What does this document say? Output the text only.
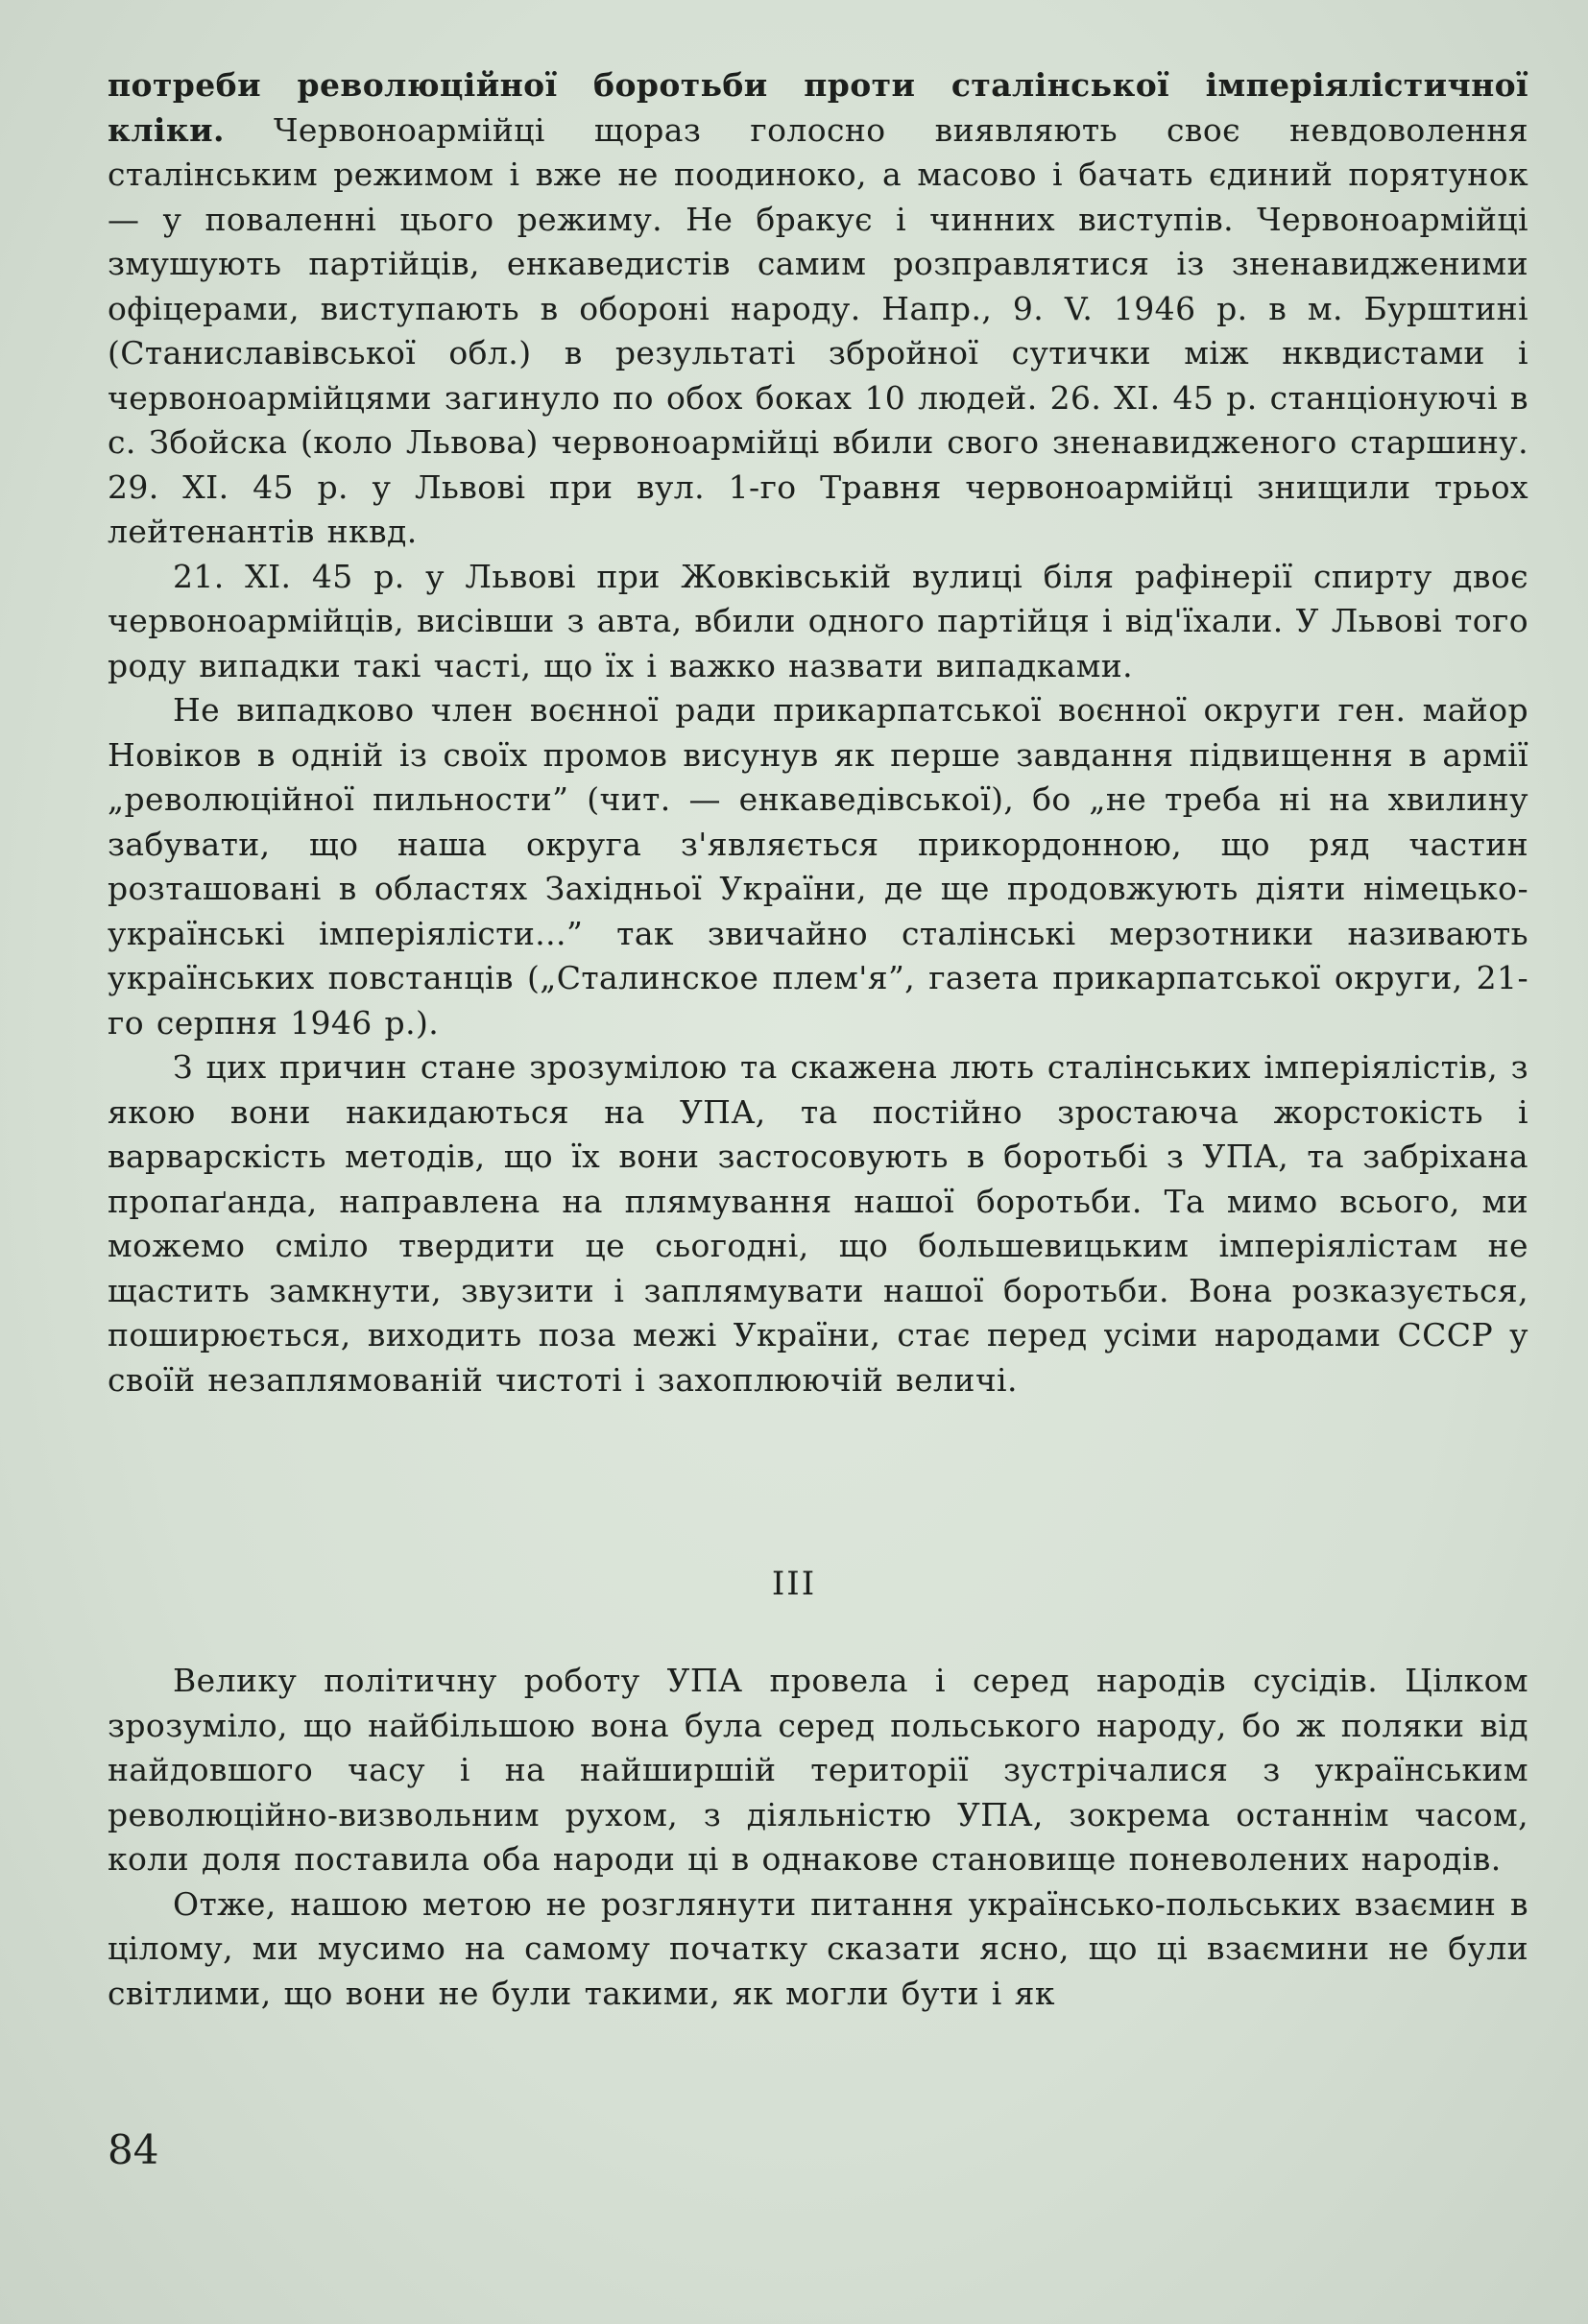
потреби революційної боротьби проти сталінської імперіялістичної кліки. Червоноармійці щораз голосно виявляють своє невдоволення сталінським режимом і вже не поодиноко, а масово і бачать єдиний порятунок — у поваленні цього режиму. Не бракує і чинних виступів. Червоноармійці змушують партійців, енкаведистів самим розправлятися із зненавидженими офіцерами, виступають в обороні народу. Напр., 9. V. 1946 р. в м. Бурштині (Станиславівської обл.) в результаті збройної сутички між нквдистами і червоноармійцями загинуло по обох боках 10 людей. 26. XI. 45 р. станціонуючі в с. Збойска (коло Львова) червоноармійці вбили свого зненавидженого старшину. 29. XI. 45 р. у Львові при вул. 1-го Травня червоноармійці знищили трьох лейтенантів нквд.

21. XI. 45 р. у Львові при Жовківській вулиці біля рафінерії спирту двоє червоноармійців, висівши з авта, вбили одного партійця і від'їхали. У Львові того роду випадки такі часті, що їх і важко назвати випадками.

Не випадково член воєнної ради прикарпатської воєнної округи ген. майор Новіков в одній із своїх промов висунув як перше завдання підвищення в армії „революційної пильности” (чит. — енкаведівської), бо „не треба ні на хвилину забувати, що наша округа з'являється прикордонною, що ряд частин розташовані в областях Західньої України, де ще продовжують діяти німецько-українські імперіялісти...” так звичайно сталінські мерзотники називають українських повстанців („Сталинское плем'я”, газета прикарпатської округи, 21-го серпня 1946 р.).

З цих причин стане зрозумілою та скажена лють сталінських імперіялістів, з якою вони накидаються на УПА, та постійно зростаюча жорстокість і варварскість методів, що їх вони застосовують в боротьбі з УПА, та забріхана пропаґанда, направлена на плямування нашої боротьби. Та мимо всього, ми можемо сміло твердити це сьогодні, що большевицьким імперіялістам не щастить замкнути, звузити і заплямувати нашої боротьби. Вона розказується, поширюється, виходить поза межі України, стає перед усіми народами СССР у своїй незаплямованій чистоті і захоплюючій величі.

III

Велику політичну роботу УПА провела і серед народів сусідів. Цілком зрозуміло, що найбільшою вона була серед польського народу, бо ж поляки від найдовшого часу і на найширшій території зустрічалися з українським революційно-визвольним рухом, з діяльністю УПА, зокрема останнім часом, коли доля поставила оба народи ці в однакове становище поневолених народів.

Отже, нашою метою не розглянути питання українсько-польських взаємин в цілому, ми мусимо на самому початку сказати ясно, що ці взаємини не були світлими, що вони не були такими, як могли бути і як

84
